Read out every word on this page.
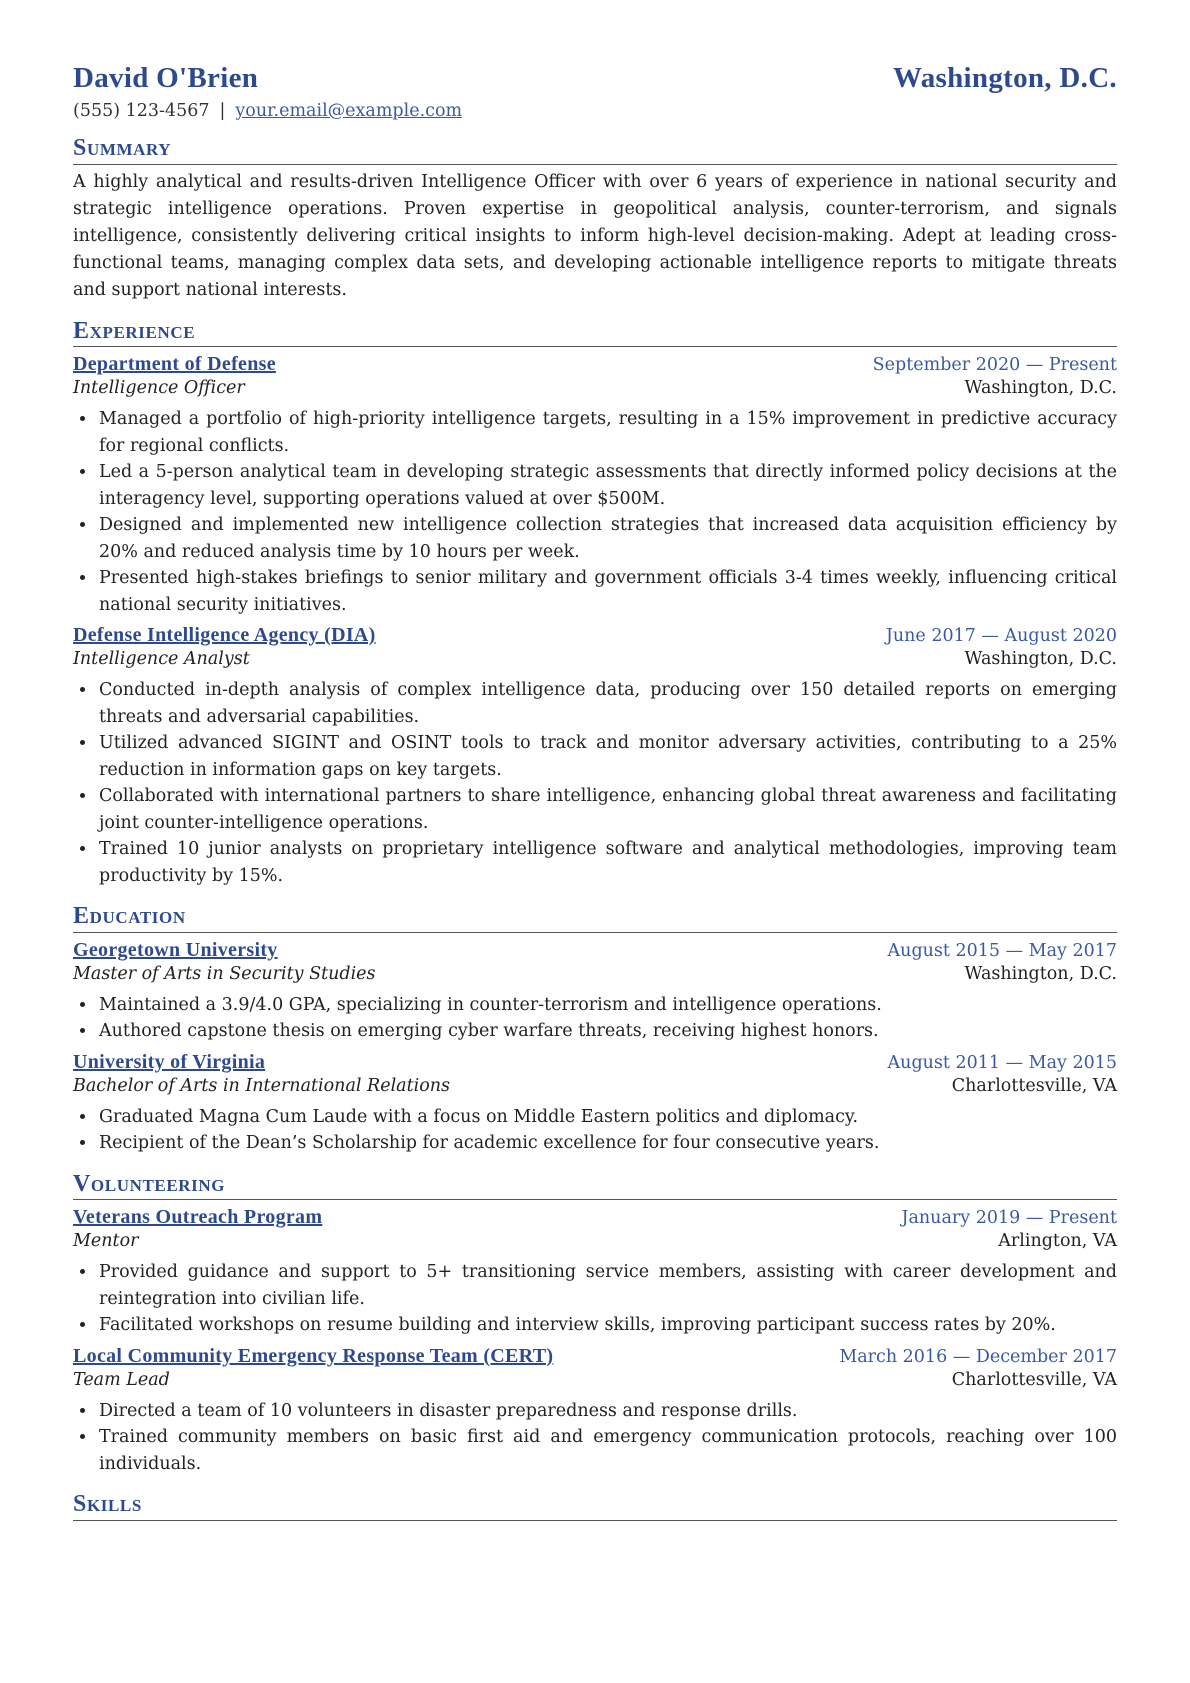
David O'Brien	Washington, D.C.
(555) 123-4567 | your.email@example.com
Summary
A highly analytical and results-driven Intelligence Officer with over 6 years of experience in national security and strategic intelligence operations. Proven expertise in geopolitical analysis, counter-terrorism, and signals intelligence, consistently delivering critical insights to inform high-level decision-making. Adept at leading cross-functional teams, managing complex data sets, and developing actionable intelligence reports to mitigate threats and support national interests.
Experience
Department of Defense	September 2020 — Present
Intelligence Officer	Washington, D.C.
• Managed a portfolio of high-priority intelligence targets, resulting in a 15% improvement in predictive accuracy for regional conflicts.
• Led a 5-person analytical team in developing strategic assessments that directly informed policy decisions at the interagency level, supporting operations valued at over $500M.
• Designed and implemented new intelligence collection strategies that increased data acquisition efficiency by 20% and reduced analysis time by 10 hours per week.
• Presented high-stakes briefings to senior military and government officials 3-4 times weekly, influencing critical national security initiatives.
Defense Intelligence Agency (DIA)	June 2017 — August 2020
Intelligence Analyst	Washington, D.C.
• Conducted in-depth analysis of complex intelligence data, producing over 150 detailed reports on emerging threats and adversarial capabilities.
• Utilized advanced SIGINT and OSINT tools to track and monitor adversary activities, contributing to a 25% reduction in information gaps on key targets.
• Collaborated with international partners to share intelligence, enhancing global threat awareness and facilitating joint counter-intelligence operations.
• Trained 10 junior analysts on proprietary intelligence software and analytical methodologies, improving team productivity by 15%.
Education
Georgetown University	August 2015 — May 2017
Master of Arts in Security Studies	Washington, D.C.
• Maintained a 3.9/4.0 GPA, specializing in counter-terrorism and intelligence operations.
• Authored capstone thesis on emerging cyber warfare threats, receiving highest honors.
University of Virginia	August 2011 — May 2015
Bachelor of Arts in International Relations	Charlottesville, VA
• Graduated Magna Cum Laude with a focus on Middle Eastern politics and diplomacy.
• Recipient of the Dean’s Scholarship for academic excellence for four consecutive years.
Volunteering
Veterans Outreach Program	January 2019 — Present
Mentor	Arlington, VA
• Provided guidance and support to 5+ transitioning service members, assisting with career development and reintegration into civilian life.
• Facilitated workshops on resume building and interview skills, improving participant success rates by 20%.
Local Community Emergency Response Team (CERT)	March 2016 — December 2017
Team Lead	Charlottesville, VA
• Directed a team of 10 volunteers in disaster preparedness and response drills.
• Trained community members on basic first aid and emergency communication protocols, reaching over 100 individuals.
Skills
